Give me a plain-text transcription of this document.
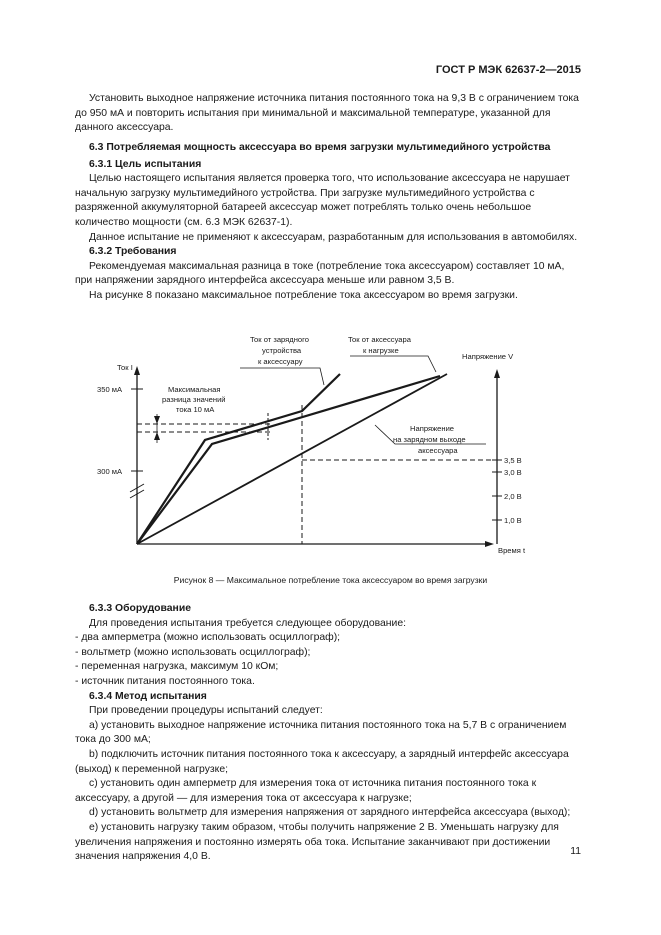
ГОСТ Р МЭК 62637-2—2015

Установить выходное напряжение источника питания постоянного тока на 9,3 В с ограничением тока до 950 мА и повторить испытания при минимальной и максимальной температуре, указанной для данного аксессуара.

6.3 Потребляемая мощность аксессуара во время загрузки мультимедийного устройства

6.3.1 Цель испытания

Целью настоящего испытания является проверка того, что использование аксессуара не нарушает начальную загрузку мультимедийного устройства. При загрузке мультимедийного устройства с разряженной аккумуляторной батареей аксессуар может потреблять только очень небольшое количество мощности (см. 6.3 МЭК 62637-1).

Данное испытание не применяют к аксессуарам, разработанным для использования в автомобилях.

6.3.2 Требования

Рекомендуемая максимальная разница в токе (потребление тока аксессуаром) составляет 10 мА, при напряжении зарядного интерфейса аксессуара меньше или равном 3,5 В.

На рисунке 8 показано максимальное потребление тока аксессуаром во время загрузки.

350 мА
300 мА
Ток I
3,5 В
3,0 В
2,0 В
1,0 В
Напряжение V
Время t
Максимальная
разница значений
тока 10 мА
Ток от зарядного
устройства
к аксессуару
Ток от аксессуара
к нагрузке
Напряжение
на зарядном выходе
аксессуара
Рисунок 8 — Максимальное потребление тока аксессуаром во время загрузки

6.3.3 Оборудование

Для проведения испытания требуется следующее оборудование:

- два амперметра (можно использовать осциллограф);

- вольтметр (можно использовать осциллограф);

- переменная нагрузка, максимум 10 кОм;

- источник питания постоянного тока.

6.3.4 Метод испытания

При проведении процедуры испытаний следует:

a) установить выходное напряжение источника питания постоянного тока на 5,7 В с ограничением тока до 300 мА;

b) подключить источник питания постоянного тока к аксессуару, а зарядный интерфейс аксессуара (выход) к переменной нагрузке;

c) установить один амперметр для измерения тока от источника питания постоянного тока к аксессуару, а другой — для измерения тока от аксессуара к нагрузке;

d) установить вольтметр для измерения напряжения от зарядного интерфейса аксессуара (выход);

e) установить нагрузку таким образом, чтобы получить напряжение 2 В. Уменьшать нагрузку для увеличения напряжения и постоянно измерять оба тока. Испытание заканчивают при достижении значения напряжения 4,0 В.	11
